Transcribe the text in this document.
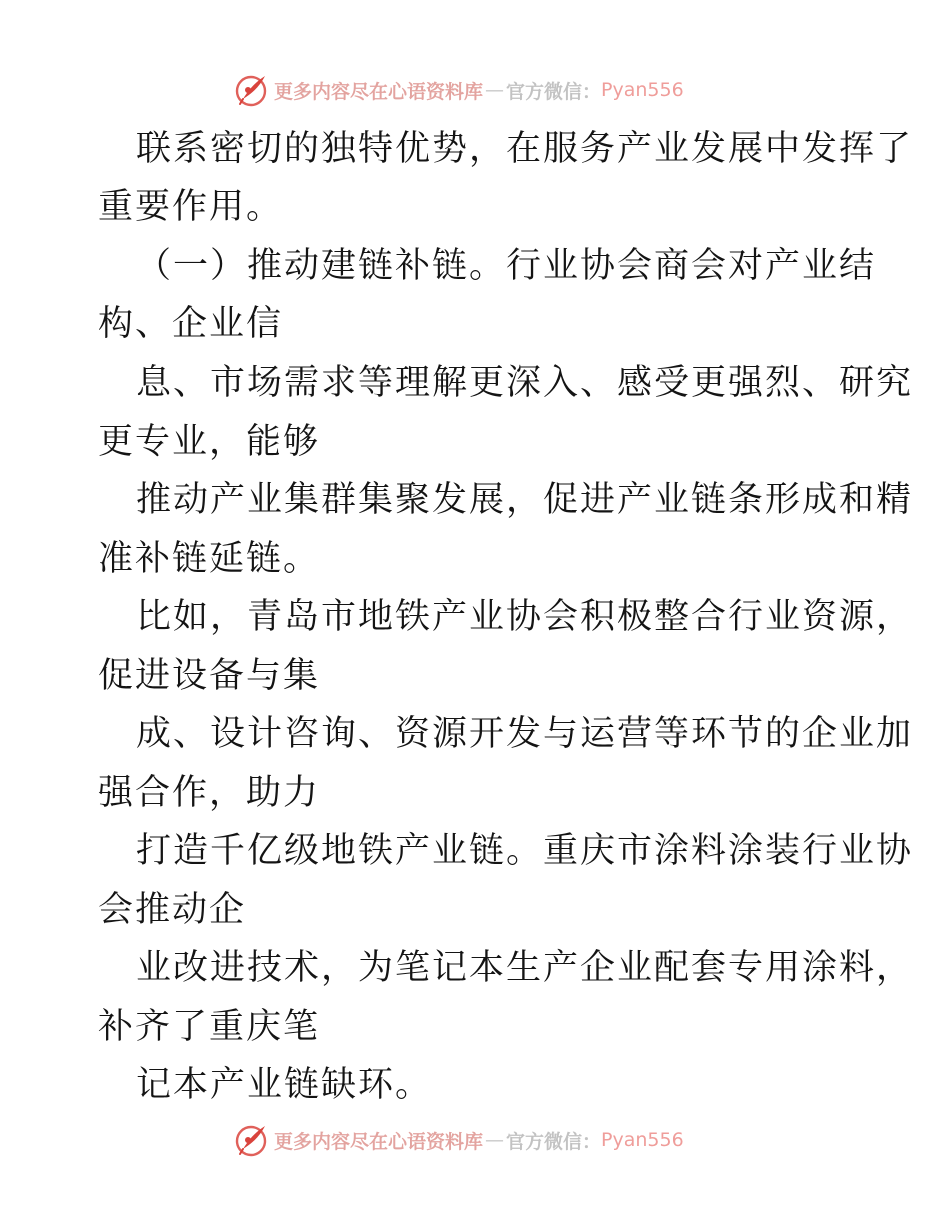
更多内容尽在心语资料库 — 官方微信： Pyan556
联系密切的独特优势，在服务产业发展中发挥了
重要作用。
（一）推动建链补链。行业协会商会对产业结
构、企业信
息、市场需求等理解更深入、感受更强烈、研究
更专业，能够
推动产业集群集聚发展，促进产业链条形成和精
准补链延链。
比如，青岛市地铁产业协会积极整合行业资源，
促进设备与集
成、设计咨询、资源开发与运营等环节的企业加
强合作，助力
打造千亿级地铁产业链。重庆市涂料涂装行业协
会推动企
业改进技术，为笔记本生产企业配套专用涂料，
补齐了重庆笔
记本产业链缺环。
更多内容尽在心语资料库 — 官方微信： Pyan556
